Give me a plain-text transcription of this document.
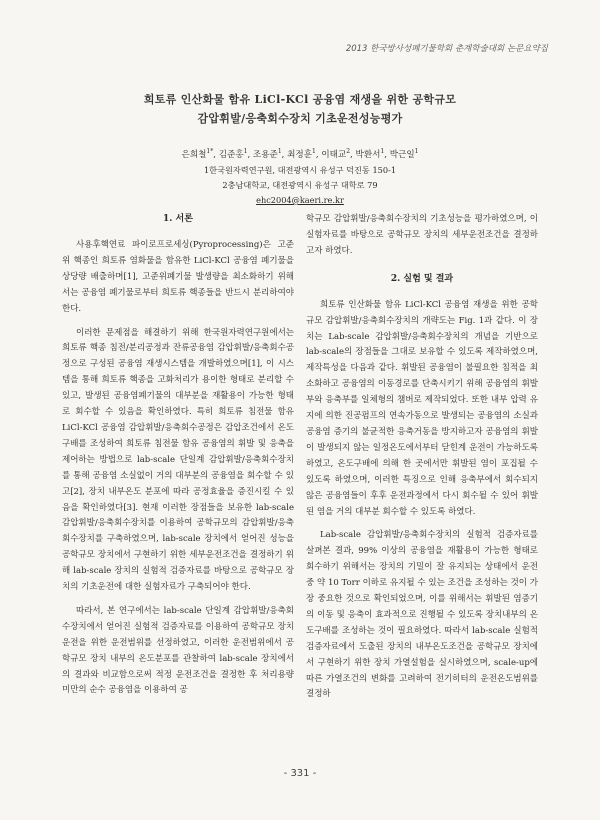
2013 한국방사성폐기물학회 춘계학술대회 논문요약집
희토류 인산화물 함유 LiCl-KCl 공융염 재생을 위한 공학규모
감압휘발/응축회수장치 기초운전성능평가
은희철$^{1*}$, 김준홍$^1$, 조용준$^1$, 최정훈$^1$, 이태교$^2$, 박환서$^1$, 박근일$^1$
1한국원자력연구원, 대전광역시 유성구 덕진동 150-1
2충남대학교, 대전광역시 유성구 대학로 79
ehc2004@kaeri.re.kr
1. 서론

사용후핵연료 파이로프로세싱(Pyroprocessing)은 고준위 핵종인 희토류 염화물을 함유한 LiCl-KCl 공융염 폐기물을 상당량 배출하며[1], 고준위폐기물 발생량을 최소화하기 위해서는 공융염 폐기물로부터 희토류 핵종들을 반드시 분리하여야 한다.

이러한 문제점을 해결하기 위해 한국원자력연구원에서는 희토류 핵종 침전/분리공정과 잔류공융염 감압휘발/응축회수공정으로 구성된 공융염 재생시스템을 개발하였으며[1], 이 시스템을 통해 희토류 핵종을 고화처리가 용이한 형태로 분리할 수 있고, 발생된 공융염폐기물의 대부분을 재활용이 가능한 형태로 회수할 수 있음을 확인하였다. 특히 희토류 침전물 함유 LiCl-KCl 공융염 감압휘발/응축회수공정은 감압조건에서 온도구배를 조성하여 희토류 침전물 함유 공융염의 휘발 및 응축을 제어하는 방법으로 lab-scale 단일계 감압휘발/응축회수장치를 통해 공융염 소실없이 거의 대부분의 공융염을 회수할 수 있고[2], 장치 내부온도 분포에 따라 공정효율을 증진시킬 수 있음을 확인하였다[3]. 현재 이러한 장점들을 보유한 lab-scale 감압휘발/응축회수장치를 이용하여 공학규모의 감압휘발/응축회수장치를 구축하였으며, lab-scale 장치에서 얻어진 성능을 공학규모 장치에서 구현하기 위한 세부운전조건을 결정하기 위해 lab-scale 장치의 실험적 검증자료를 바탕으로 공학규모 장치의 기초운전에 대한 실험자료가 구축되어야 한다.

따라서, 본 연구에서는 lab-scale 단일계 감압휘발/응축회수장치에서 얻어진 실험적 검증자료를 이용하여 공학규모 장치 운전을 위한 운전범위를 선정하였고, 이러한 운전범위에서 공학규모 장치 내부의 온도분포를 관찰하여 lab-scale 장치에서의 결과와 비교함으로써 적정 운전조건을 결정한 후 처리용량 미만의 순수 공융염을 이용하여 공

학규모 감압휘발/응축회수장치의 기초성능을 평가하였으며, 이 실험자료를 바탕으로 공학규모 장치의 세부운전조건을 결정하고자 하였다.

2. 실험 및 결과

희토류 인산화물 함유 LiCl-KCl 공융염 재생을 위한 공학규모 감압휘발/응축회수장치의 개략도는 Fig. 1과 같다. 이 장치는 Lab-scale 감압휘발/응축회수장치의 개념을 기반으로 lab-scale의 장점들을 그대로 보유할 수 있도록 제작하였으며, 제작특성을 다음과 같다. 휘발된 공융염이 불필요한 침적을 최소화하고 공융염의 이동경로를 단축시키기 위해 공융염의 휘발부와 응축부를 일체형의 챔버로 제작되었다. 또한 내부 압력 유지에 의한 진공펌프의 연속가동으로 발생되는 공융염의 소실과 공융염 증기의 불균적한 응축거동을 방지하고자 공융염의 휘발이 발생되지 않는 일정온도에서부터 닫힌계 운전이 가능하도록 하였고, 온도구배에 의해 한 곳에서만 휘발된 염이 포집될 수 있도록 하였으며, 이러한 특징으로 인해 응축부에서 회수되지 않은 공융염들이 후후 운전과정에서 다시 회수될 수 있어 휘발된 염을 거의 대부분 회수할 수 있도록 하였다.

Lab-scale 감압휘발/응축회수장치의 실험적 검증자료를 살펴본 결과, 99% 이상의 공융염을 재활용이 가능한 형태로 회수하기 위해서는 장치의 기밀이 잘 유지되는 상태에서 운전 중 약 10 Torr 이하로 유지될 수 있는 조건을 조성하는 것이 가장 중요한 것으로 확인되었으며, 이를 위해서는 휘발된 염증기의 이동 및 응축이 효과적으로 진행될 수 있도록 장치내부의 온도구배를 조성하는 것이 필요하였다. 따라서 lab-scale 실험적 검증자료에서 도출된 장치의 내부온도조건을 공학규모 장치에서 구현하기 위한 장치 가열설험을 실시하였으며, scale-up에 따른 가열조건의 변화를 고려하여 전기히터의 운전온도범위를 결정하

- 331 -
